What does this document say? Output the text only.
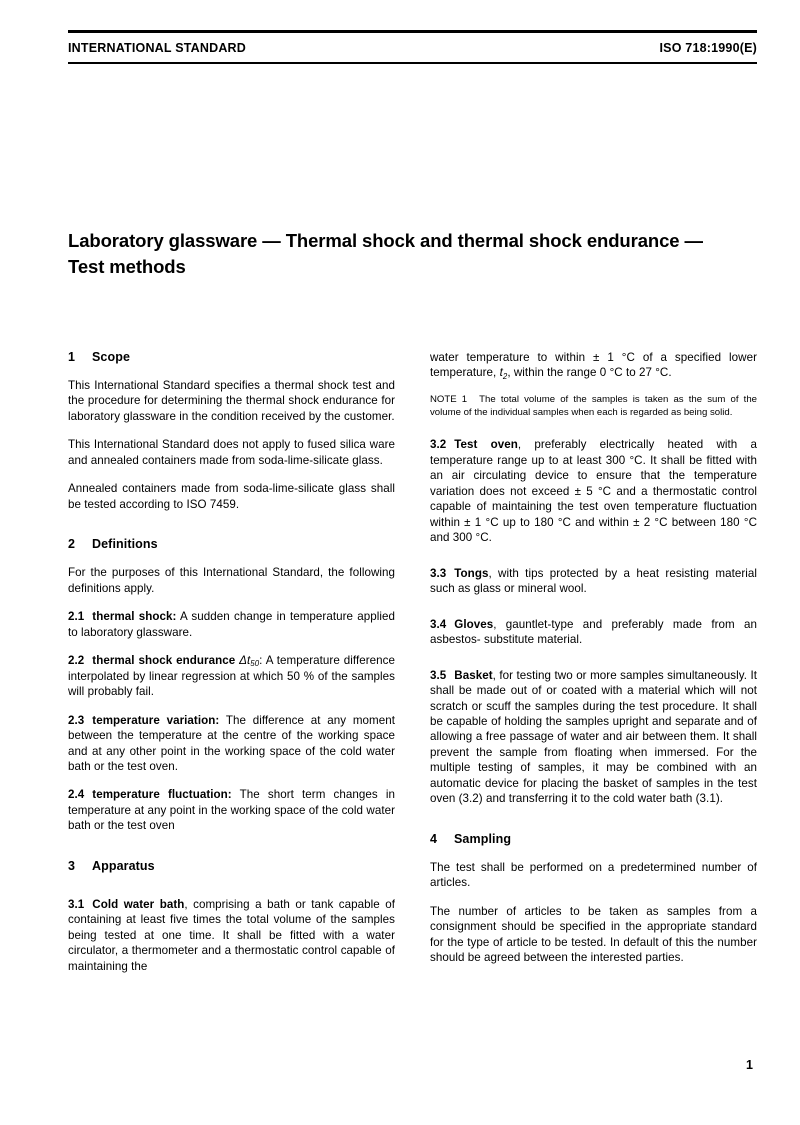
INTERNATIONAL STANDARD	ISO 718:1990(E)
Laboratory glassware — Thermal shock and thermal shock endurance — Test methods
1 Scope

This International Standard specifies a thermal shock test and the procedure for determining the thermal shock endurance for laboratory glassware in the condition received by the customer.

This International Standard does not apply to fused silica ware and annealed containers made from soda-lime-silicate glass.

Annealed containers made from soda-lime-silicate glass shall be tested according to ISO 7459.

2 Definitions

For the purposes of this International Standard, the following definitions apply.

2.1 thermal shock: A sudden change in temperature applied to laboratory glassware.

2.2 thermal shock endurance $\Delta t_{50}$: A temperature difference interpolated by linear regression at which 50 % of the samples will probably fail.

2.3 temperature variation: The difference at any moment between the temperature at the centre of the working space and at any other point in the working space of the cold water bath or the test oven.

2.4 temperature fluctuation: The short term changes in temperature at any point in the working space of the cold water bath or the test oven

3 Apparatus

3.1 Cold water bath, comprising a bath or tank capable of containing at least five times the total volume of the samples being tested at one time. It shall be fitted with a water circulator, a thermometer and a thermostatic control capable of maintaining the

water temperature to within ± 1 °C of a specified lower temperature, $t_2$, within the range 0 °C to 27 °C.

NOTE 1 The total volume of the samples is taken as the sum of the volume of the individual samples when each is regarded as being solid.

3.2 Test oven, preferably electrically heated with a temperature range up to at least 300 °C. It shall be fitted with an air circulating device to ensure that the temperature variation does not exceed ± 5 °C and a thermostatic control capable of maintaining the test oven temperature fluctuation within ± 1 °C up to 180 °C and within ± 2 °C between 180 °C and 300 °C.

3.3 Tongs, with tips protected by a heat resisting material such as glass or mineral wool.

3.4 Gloves, gauntlet-type and preferably made from an asbestos- substitute material.

3.5 Basket, for testing two or more samples simultaneously. It shall be made out of or coated with a material which will not scratch or scuff the samples during the test procedure. It shall be capable of holding the samples upright and separate and of allowing a free passage of water and air between them. It shall prevent the sample from floating when immersed. For the multiple testing of samples, it may be combined with an automatic device for placing the basket of samples in the test oven (3.2) and transferring it to the cold water bath (3.1).

4 Sampling

The test shall be performed on a predetermined number of articles.

The number of articles to be taken as samples from a consignment should be specified in the appropriate standard for the type of article to be tested. In default of this the number should be agreed between the interested parties.

1
